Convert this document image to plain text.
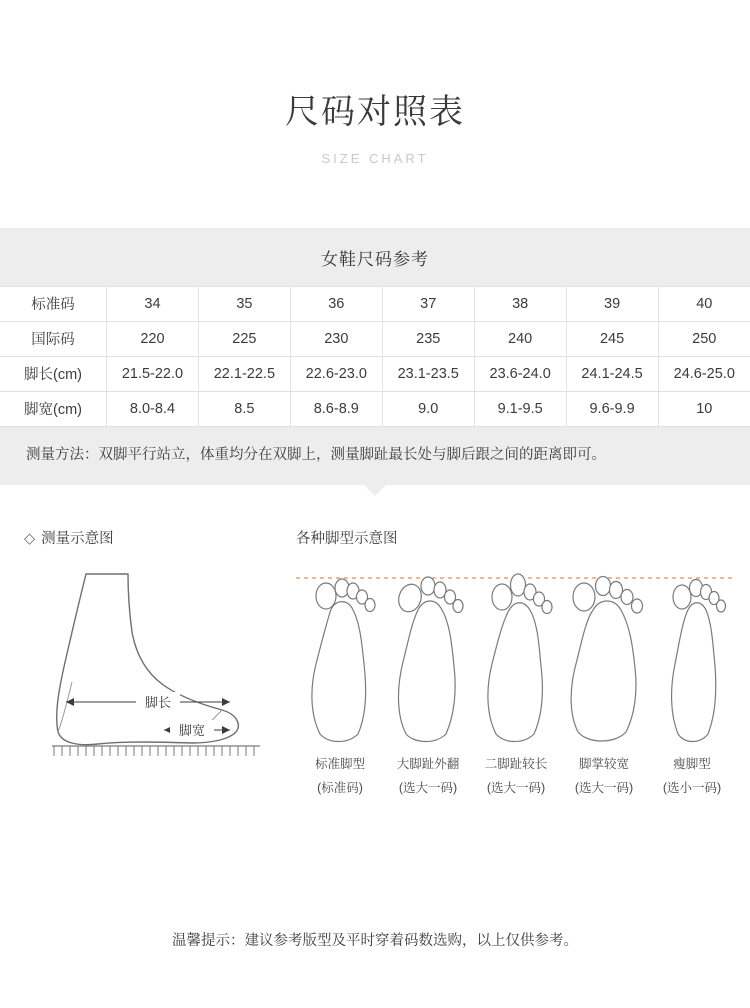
尺码对照表
SIZE CHART
女鞋尺码参考
标准码	34	35	36	37	38	39	40
国际码	220	225	230	235	240	245	250
脚长(cm)	21.5-22.0	22.1-22.5	22.6-23.0	23.1-23.5	23.6-24.0	24.1-24.5	24.6-25.0
脚宽(cm)	8.0-8.4	8.5	8.6-8.9	9.0	9.1-9.5	9.6-9.9	10
测量方法：双脚平行站立，体重均分在双脚上，测量脚趾最长处与脚后跟之间的距离即可。
◇ 测量示意图
脚长
脚宽
各种脚型示意图
标准脚型
(标准码)
大脚趾外翻
(选大一码)
二脚趾较长
(选大一码)
脚掌较宽
(选大一码)
瘦脚型
(选小一码)
温馨提示：建议参考版型及平时穿着码数选购，以上仅供参考。
